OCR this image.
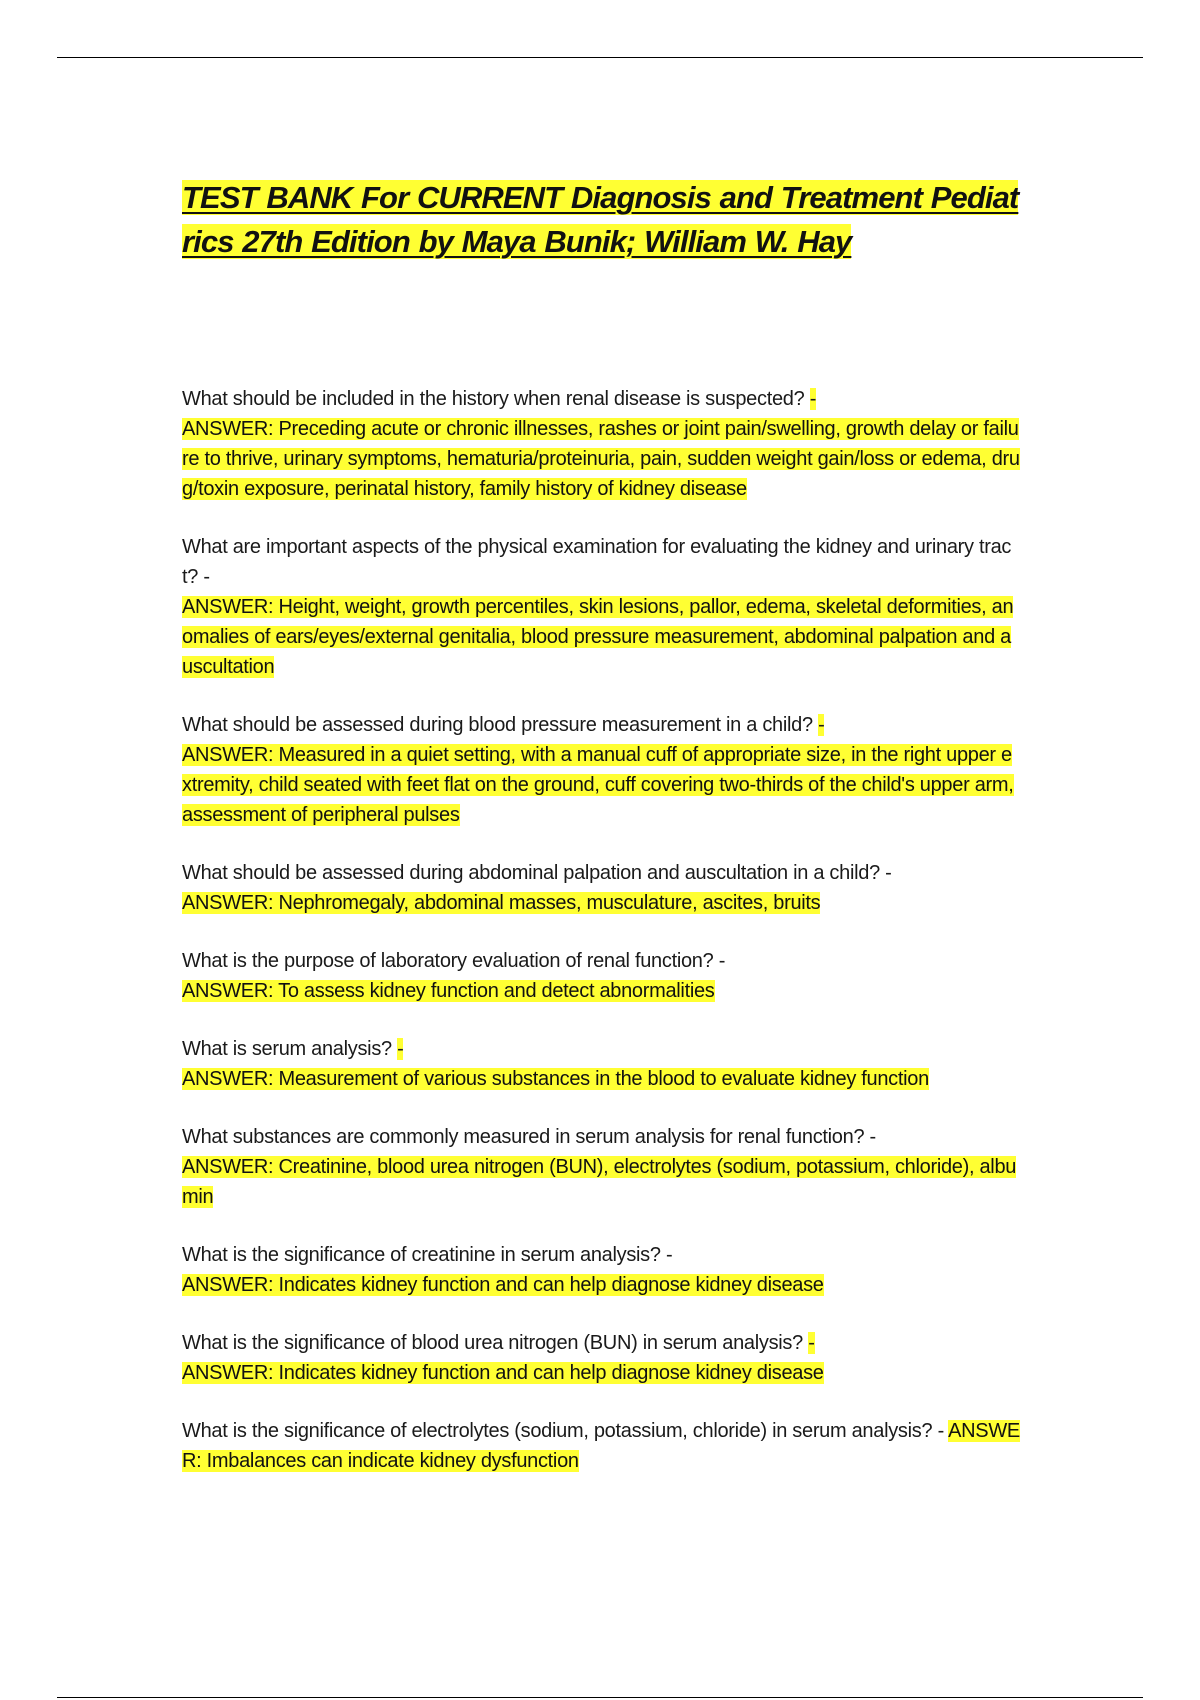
TEST BANK For CURRENT Diagnosis and Treatment Pediatrics 27th Edition by Maya Bunik; William W. Hay

What should be included in the history when renal disease is suspected? -
ANSWER: Preceding acute or chronic illnesses, rashes or joint pain/swelling, growth delay or failure to thrive, urinary symptoms, hematuria/proteinuria, pain, sudden weight gain/loss or edema, drug/toxin exposure, perinatal history, family history of kidney disease

What are important aspects of the physical examination for evaluating the kidney and urinary tract? -
ANSWER: Height, weight, growth percentiles, skin lesions, pallor, edema, skeletal deformities, anomalies of ears/eyes/external genitalia, blood pressure measurement, abdominal palpation and auscultation

What should be assessed during blood pressure measurement in a child? -
ANSWER: Measured in a quiet setting, with a manual cuff of appropriate size, in the right upper extremity, child seated with feet flat on the ground, cuff covering two-thirds of the child's upper arm, assessment of peripheral pulses

What should be assessed during abdominal palpation and auscultation in a child? -
ANSWER: Nephromegaly, abdominal masses, musculature, ascites, bruits

What is the purpose of laboratory evaluation of renal function? -
ANSWER: To assess kidney function and detect abnormalities

What is serum analysis? -
ANSWER: Measurement of various substances in the blood to evaluate kidney function

What substances are commonly measured in serum analysis for renal function? -
ANSWER: Creatinine, blood urea nitrogen (BUN), electrolytes (sodium, potassium, chloride), albumin

What is the significance of creatinine in serum analysis? -
ANSWER: Indicates kidney function and can help diagnose kidney disease

What is the significance of blood urea nitrogen (BUN) in serum analysis? -
ANSWER: Indicates kidney function and can help diagnose kidney disease

What is the significance of electrolytes (sodium, potassium, chloride) in serum analysis? - ANSWER: Imbalances can indicate kidney dysfunction
